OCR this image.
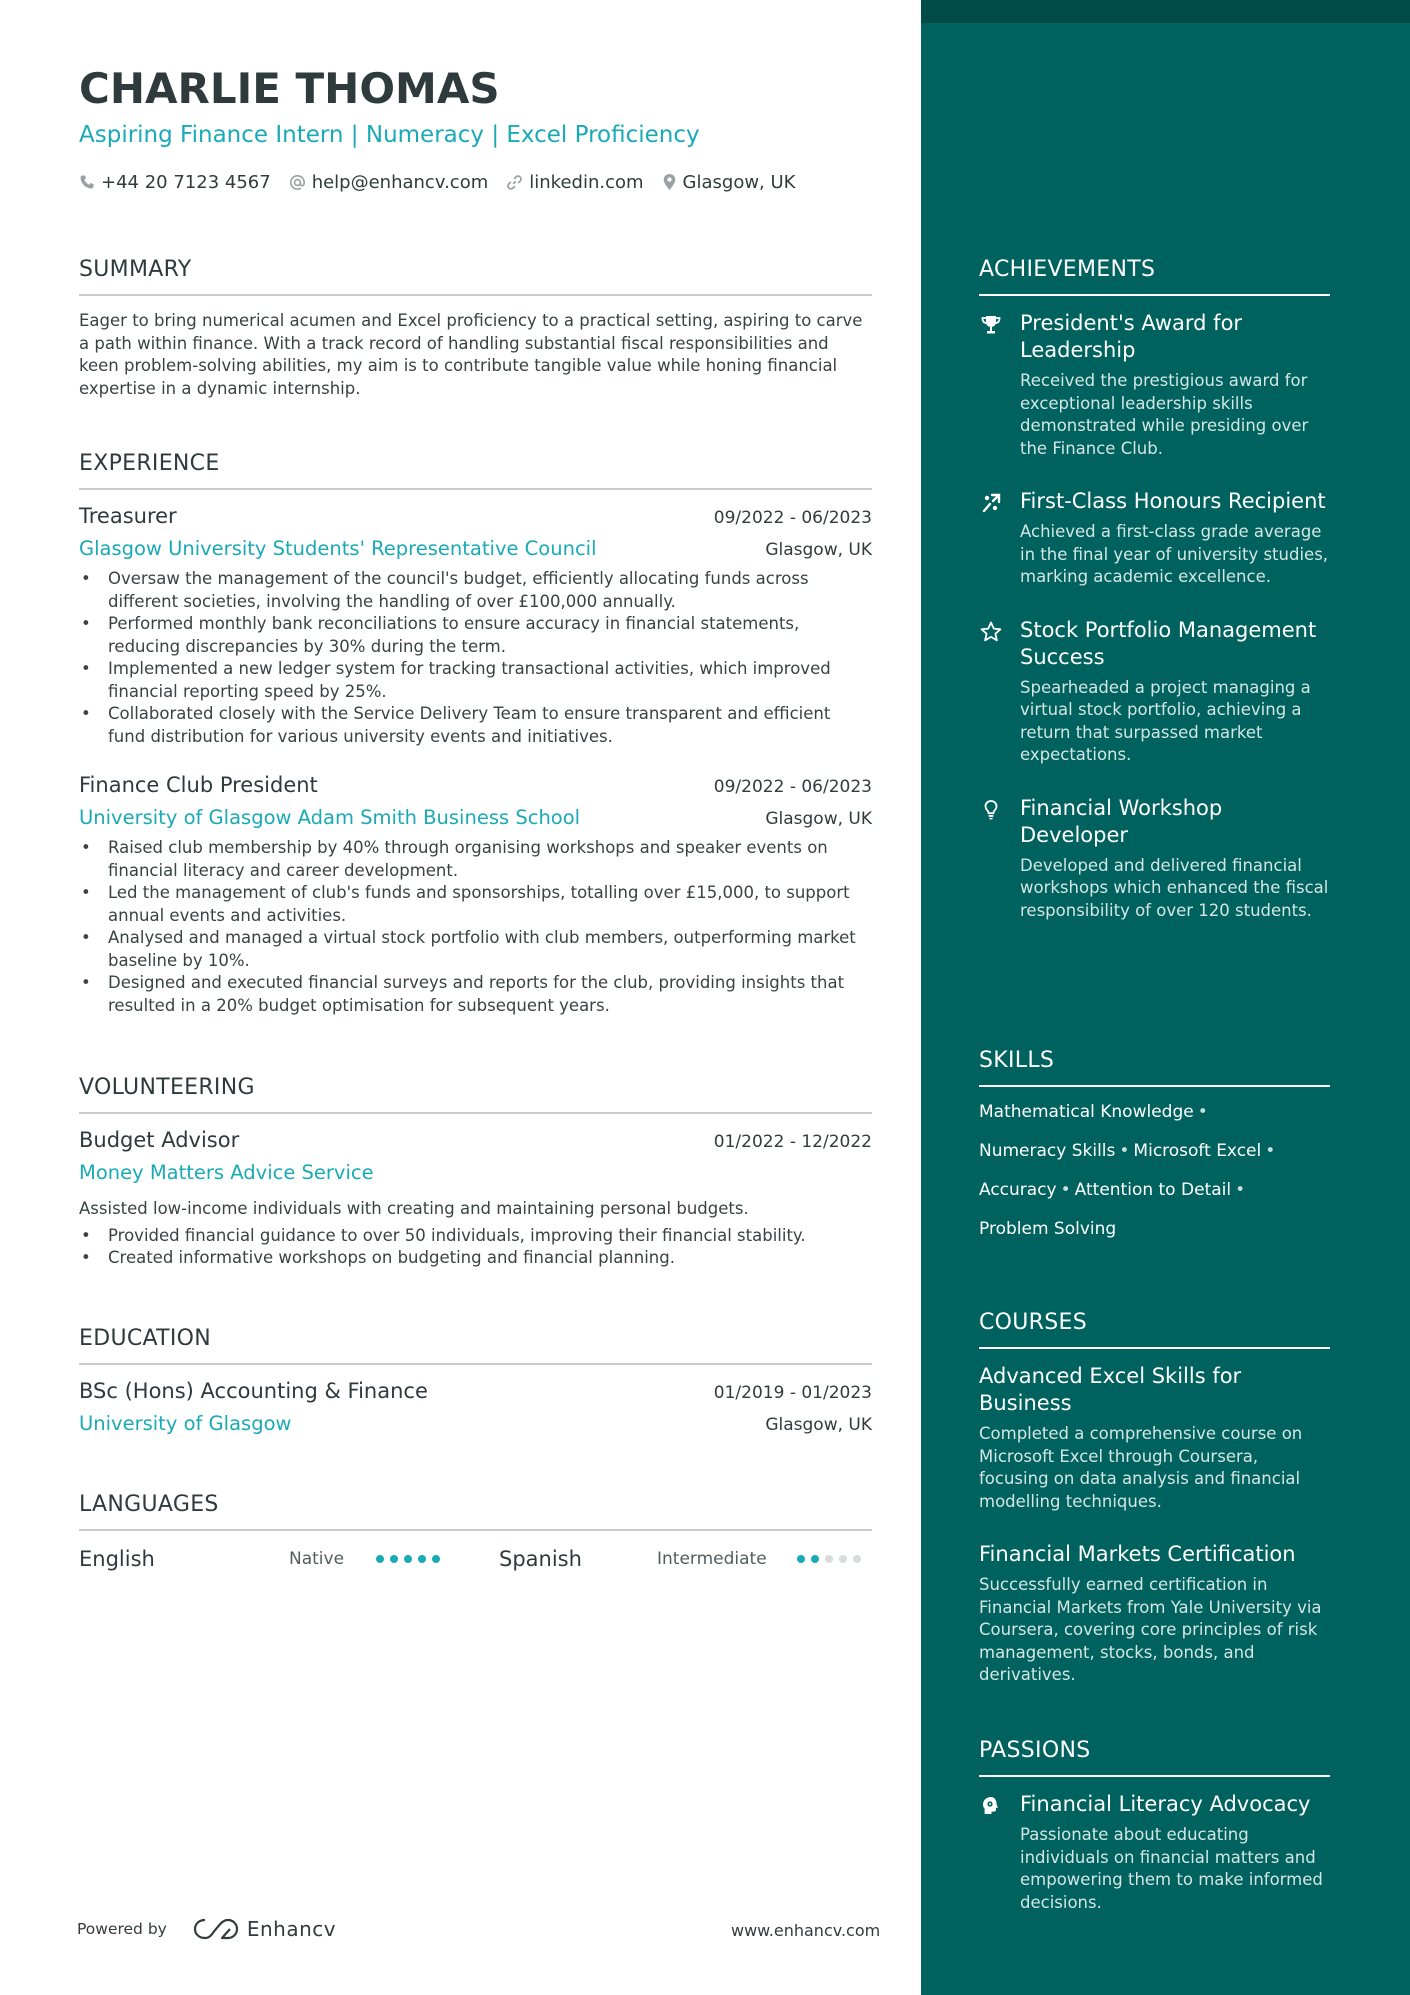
CHARLIE THOMAS
Aspiring Finance Intern | Numeracy | Excel Proficiency
+44 20 7123 4567 help@enhancv.com linkedin.com Glasgow, UK
SUMMARY
Eager to bring numerical acumen and Excel proficiency to a practical setting, aspiring to carve a path within finance. With a track record of handling substantial fiscal responsibilities and keen problem-solving abilities, my aim is to contribute tangible value while honing financial expertise in a dynamic internship.
EXPERIENCE
Treasurer	09/2022 - 06/2023
Glasgow University Students' Representative Council	Glasgow, UK
• Oversaw the management of the council's budget, efficiently allocating funds across different societies, involving the handling of over £100,000 annually.
• Performed monthly bank reconciliations to ensure accuracy in financial statements, reducing discrepancies by 30% during the term.
• Implemented a new ledger system for tracking transactional activities, which improved financial reporting speed by 25%.
• Collaborated closely with the Service Delivery Team to ensure transparent and efficient fund distribution for various university events and initiatives.
Finance Club President	09/2022 - 06/2023
University of Glasgow Adam Smith Business School	Glasgow, UK
• Raised club membership by 40% through organising workshops and speaker events on financial literacy and career development.
• Led the management of club's funds and sponsorships, totalling over £15,000, to support annual events and activities.
• Analysed and managed a virtual stock portfolio with club members, outperforming market baseline by 10%.
• Designed and executed financial surveys and reports for the club, providing insights that resulted in a 20% budget optimisation for subsequent years.
VOLUNTEERING
Budget Advisor	01/2022 - 12/2022
Money Matters Advice Service
Assisted low-income individuals with creating and maintaining personal budgets.
• Provided financial guidance to over 50 individuals, improving their financial stability.
• Created informative workshops on budgeting and financial planning.
EDUCATION
BSc (Hons) Accounting & Finance	01/2019 - 01/2023
University of Glasgow	Glasgow, UK
LANGUAGES
English	Native	Spanish	Intermediate
Powered by	Enhancv	www.enhancv.com
ACHIEVEMENTS
President's Award for Leadership
Received the prestigious award for exceptional leadership skills demonstrated while presiding over the Finance Club.
First-Class Honours Recipient
Achieved a first-class grade average in the final year of university studies, marking academic excellence.
Stock Portfolio Management Success
Spearheaded a project managing a virtual stock portfolio, achieving a return that surpassed market expectations.
Financial Workshop Developer
Developed and delivered financial workshops which enhanced the fiscal responsibility of over 120 students.
SKILLS
Mathematical Knowledge •
Numeracy Skills • Microsoft Excel •
Accuracy • Attention to Detail •
Problem Solving
COURSES
Advanced Excel Skills for Business
Completed a comprehensive course on Microsoft Excel through Coursera, focusing on data analysis and financial modelling techniques.
Financial Markets Certification
Successfully earned certification in Financial Markets from Yale University via Coursera, covering core principles of risk management, stocks, bonds, and derivatives.
PASSIONS
Financial Literacy Advocacy
Passionate about educating individuals on financial matters and empowering them to make informed decisions.
